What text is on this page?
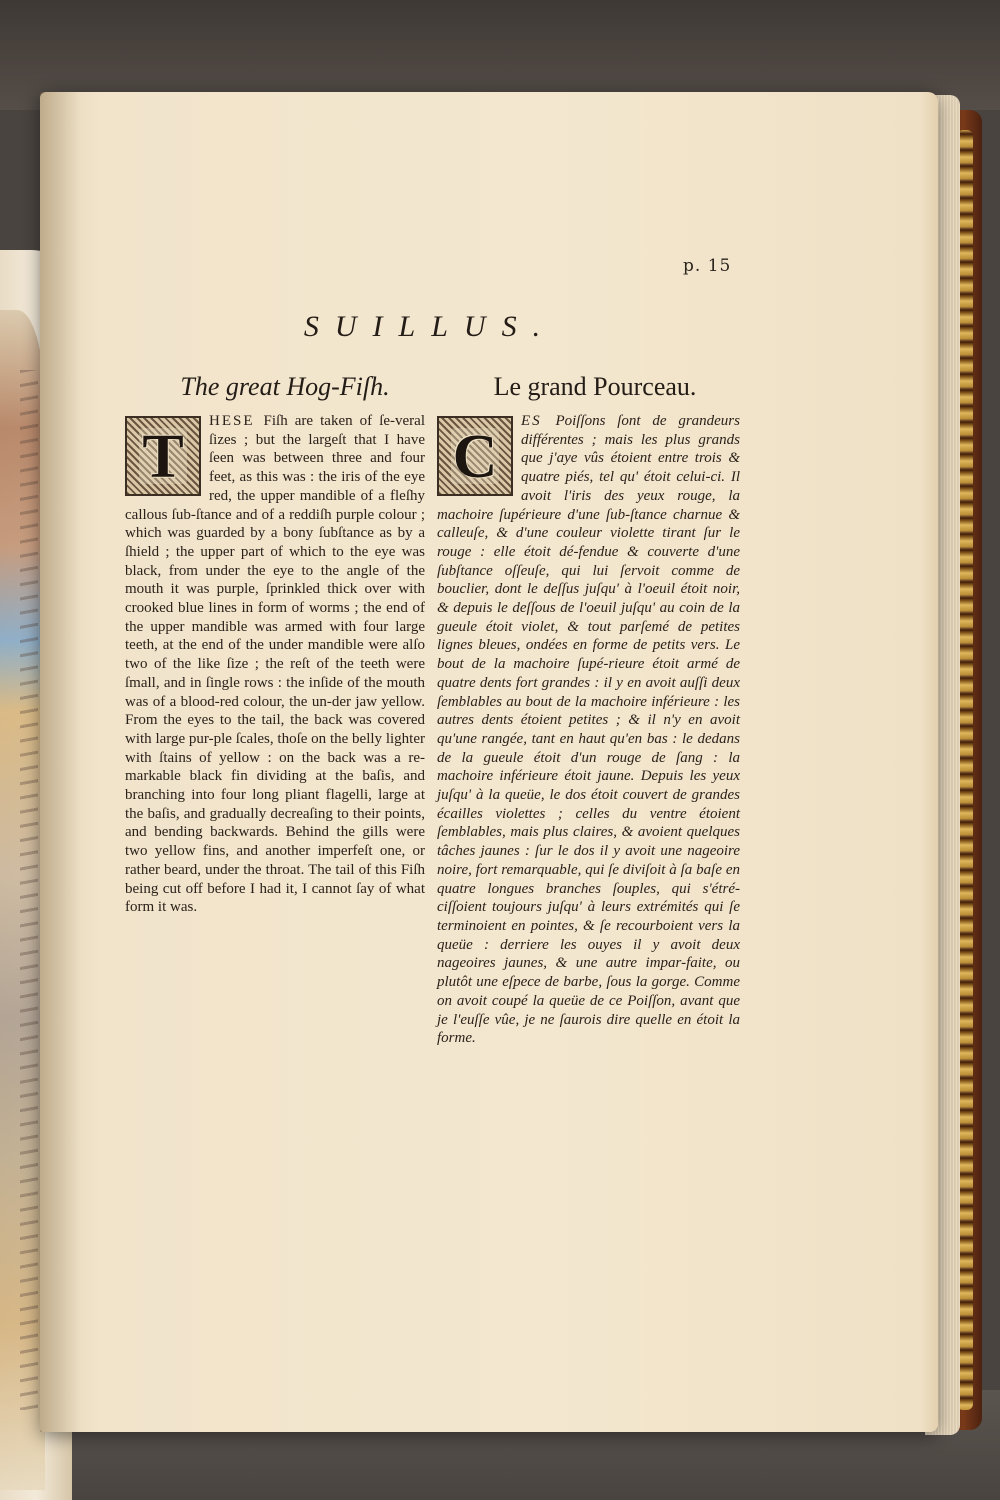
p. 15
SUILLUS.
The great Hog-Fiſh.	Le grand Pourceau.
T
HESE Fiſh are taken of ſe-veral ſizes ; but the largeſt that I have ſeen was between three and four feet, as this was : the iris of the eye red, the upper mandible of a fleſhy callous ſub-ſtance and of a reddiſh purple colour ; which was guarded by a bony ſubſtance as by a ſhield ; the upper part of which to the eye was black, from under the eye to the angle of the mouth it was purple, ſprinkled thick over with crooked blue lines in form of worms ; the end of the upper mandible was armed with four large teeth, at the end of the under mandible were alſo two of the like ſize ; the reſt of the teeth were ſmall, and in ſingle rows : the inſide of the mouth was of a blood-red colour, the un-der jaw yellow. From the eyes to the tail, the back was covered with large pur-ple ſcales, thoſe on the belly lighter with ſtains of yellow : on the back was a re-markable black fin dividing at the baſis, and branching into four long pliant flagelli, large at the baſis, and gradually decreaſing to their points, and bending backwards. Behind the gills were two yellow fins, and another imperfeſt one, or rather beard, under the throat. The tail of this Fiſh being cut off before I had it, I cannot ſay of what form it was.
C
ES Poiſſons ſont de grandeurs différentes ; mais les plus grands que j'aye vûs étoient entre trois & quatre piés, tel qu' étoit celui-ci. Il avoit l'iris des yeux rouge, la machoire ſupérieure d'une ſub-ſtance charnue & calleuſe, & d'une couleur violette tirant ſur le rouge : elle étoit dé-fendue & couverte d'une ſubſtance oſſeuſe, qui lui ſervoit comme de bouclier, dont le deſſus juſqu' à l'oeuil étoit noir, & depuis le deſſous de l'oeuil juſqu' au coin de la gueule étoit violet, & tout parſemé de petites lignes bleues, ondées en forme de petits vers. Le bout de la machoire ſupé-rieure étoit armé de quatre dents fort grandes : il y en avoit auſſi deux ſemblables au bout de la machoire inférieure : les autres dents étoient petites ; & il n'y en avoit qu'une rangée, tant en haut qu'en bas : le dedans de la gueule étoit d'un rouge de ſang : la machoire inférieure étoit jaune. Depuis les yeux juſqu' à la queüe, le dos étoit couvert de grandes écailles violettes ; celles du ventre étoient ſemblables, mais plus claires, & avoient quelques tâches jaunes : ſur le dos il y avoit une nageoire noire, fort remarquable, qui ſe diviſoit à ſa baſe en quatre longues branches ſouples, qui s'étré-ciſſoient toujours juſqu' à leurs extrémités qui ſe terminoient en pointes, & ſe recourboient vers la queüe : derriere les ouyes il y avoit deux nageoires jaunes, & une autre impar-faite, ou plutôt une eſpece de barbe, ſous la gorge. Comme on avoit coupé la queüe de ce Poiſſon, avant que je l'euſſe vûe, je ne ſaurois dire quelle en étoit la forme.
